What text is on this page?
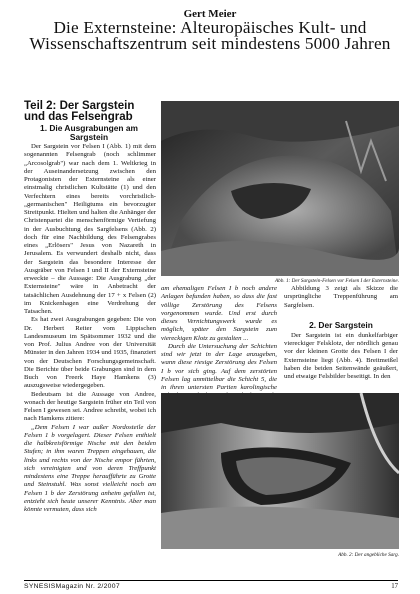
Gert Meier
Die Externsteine: Alteuropäisches Kult- und Wissenschaftszentrum seit mindestens 5000 Jahren
Teil 2: Der Sargstein und das Felsengrab
1. Die Ausgrabungen am Sargstein

Der Sargstein vor Felsen I (Abb. 1) mit dem sogenannten Felsengrab (noch schlimmer „Arcosolgrab") war nach dem 1. Weltkrieg in der Auseinandersetzung zwischen den Protagonisten der Externsteine als einer einstmalig christlichen Kultstätte (1) und den Verfechtern eines bereits vorchristlich-„germanischen" Heiligtums ein bevorzugter Streitpunkt. Hielten und halten die Anhänger der Christenpartei die menschenförmige Vertiefung in der Ausbuchtung des Sargfelsens (Abb. 2) doch für eine Nachbildung des Felsengrabes eines „Erlösers" Jesus von Nazareth in Jerusalem. Es verwundert deshalb nicht, dass der Sargstein das besondere Interesse der Ausgräber von Felsen I und II der Externsteine erweckte – die Aussage: Die Ausgrabung „der Externsteine" wäre in Anbetracht der tatsächlichen Ausdehnung der 17 + x Felsen (2) im Knickenhagen eine Verdrehung der Tatsachen.

Es hat zwei Ausgrabungen gegeben: Die von Dr. Herbert Reiter vom Lippischen Landesmuseum im Spätsommer 1932 und die von Prof. Julius Andree von der Universität Münster in den Jahren 1934 und 1935, finanziert von der Deutschen Forschungsgemeinschaft. Die Berichte über beide Grabungen sind in dem Buch von Freerk Haye Hamkens (3) auszugsweise wiedergegeben.

Bedeutsam ist die Aussage von Andree, wonach der heutige Sargstein früher ein Teil von Felsen I gewesen sei. Andree schreibt, wobei ich nach Hamkens zitiere:

„Dem Felsen I war außer Nordosteile der Felsen 1 b vorgelagert. Dieser Felsen enthielt die halbkreisförmige Nische mit den beiden Stufen; in ihm waren Treppen eingehauen, die links und rechts von der Nische empor führten, sich vereinigten und von deren Treffpunkt mindestens eine Treppe heraufführte zu Grotte und Steinstuhl. Was sonst vielleicht noch am Felsen 1 b der Zerstörung anheim gefallen ist, entzieht sich heute unserer Kenntnis. Aber man könnte vermuten, dass sich

Abb. 1: Der Sargstein-Felsen vor Felsen I der Externsteine.

am ehemaligen Felsen I b noch andere Anlagen befunden haben, so dass die fast völlige Zerstörung des Felsens vorgenommen wurde. Und erst durch dieses Vernichtungswerk wurde es möglich, später den Sargstein zum viereckigen Klotz zu gestalten ...

Durch die Untersuchung der Schichten sind wir jetzt in der Lage anzugeben, wann diese riesige Zerstörung des Felsen I b vor sich ging. Auf dem zerstörten Felsen lag unmittelbar die Schicht 5, die in ihren untersten Partien karolingische

Abbildung 3 zeigt als Skizze die ursprüngliche Treppenführung am Sargfelsen.

2. Der Sargstein

Der Sargstein ist ein dunkelfarbiger viereckiger Felsklotz, der nördlich genau vor der kleinen Grotte des Felsen I der Externsteine liegt (Abb. 4). Breitmeißel haben die beiden Seitenwände geäußert, und etwaige Felsbilder beseitigt. In den

Abb. 2: Der angebliche Sarg.
SYNESISMagazin Nr. 2/2007	17
